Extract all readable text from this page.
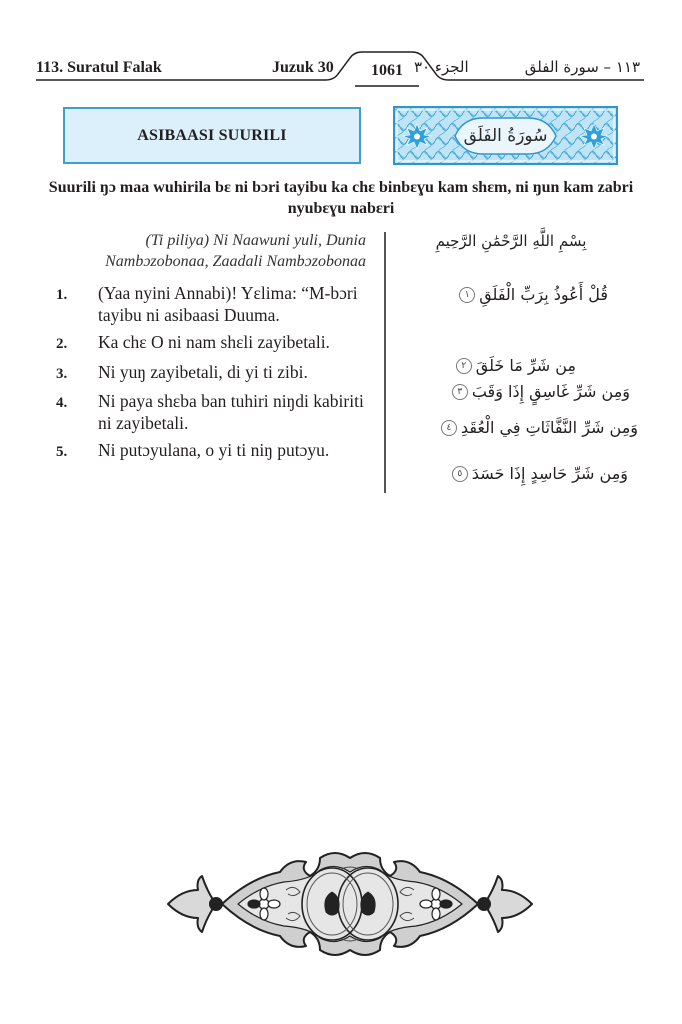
113. Suratul Falak	Juzuk 30	1061 الجزء ٣٠	١١٣ – سورة الفلق
ASIBAASI SUURILI	سُورَةُ الفَلَق
Suurili ŋɔ maa wuhirila bɛ ni bɔri tayibu ka chɛ binbɛɣu kam shɛm, ni ŋun kam zabri nyubɛɣu nabɛri
(Ti piliya) Ni Naawuni yuli, Dunia Nambɔzobonaa, Zaadali Nambɔzobonaa
1.	(Yaa nyini Annabi)! Yɛlima: “M-bɔri tayibu ni asibaasi Duuma.
2.	Ka chɛ O ni nam shɛli zayibetali.
3.	Ni yuŋ zayibetali, di yi ti zibi.
4.	Ni paya shɛba ban tuhiri niŋdi kabiriti ni zayibetali.
5.	Ni putɔyulana, o yi ti niŋ putɔyu.
بِسْمِ اللَّهِ الرَّحْمَٰنِ الرَّحِيمِ
قُلْ أَعُوذُ بِرَبِّ الْفَلَقِ
١
مِن شَرِّ مَا خَلَقَ
٢
وَمِن شَرِّ غَاسِقٍ إِذَا وَقَبَ
٣
وَمِن شَرِّ النَّفَّاثَاتِ فِي الْعُقَدِ
٤
وَمِن شَرِّ حَاسِدٍ إِذَا حَسَدَ
٥
